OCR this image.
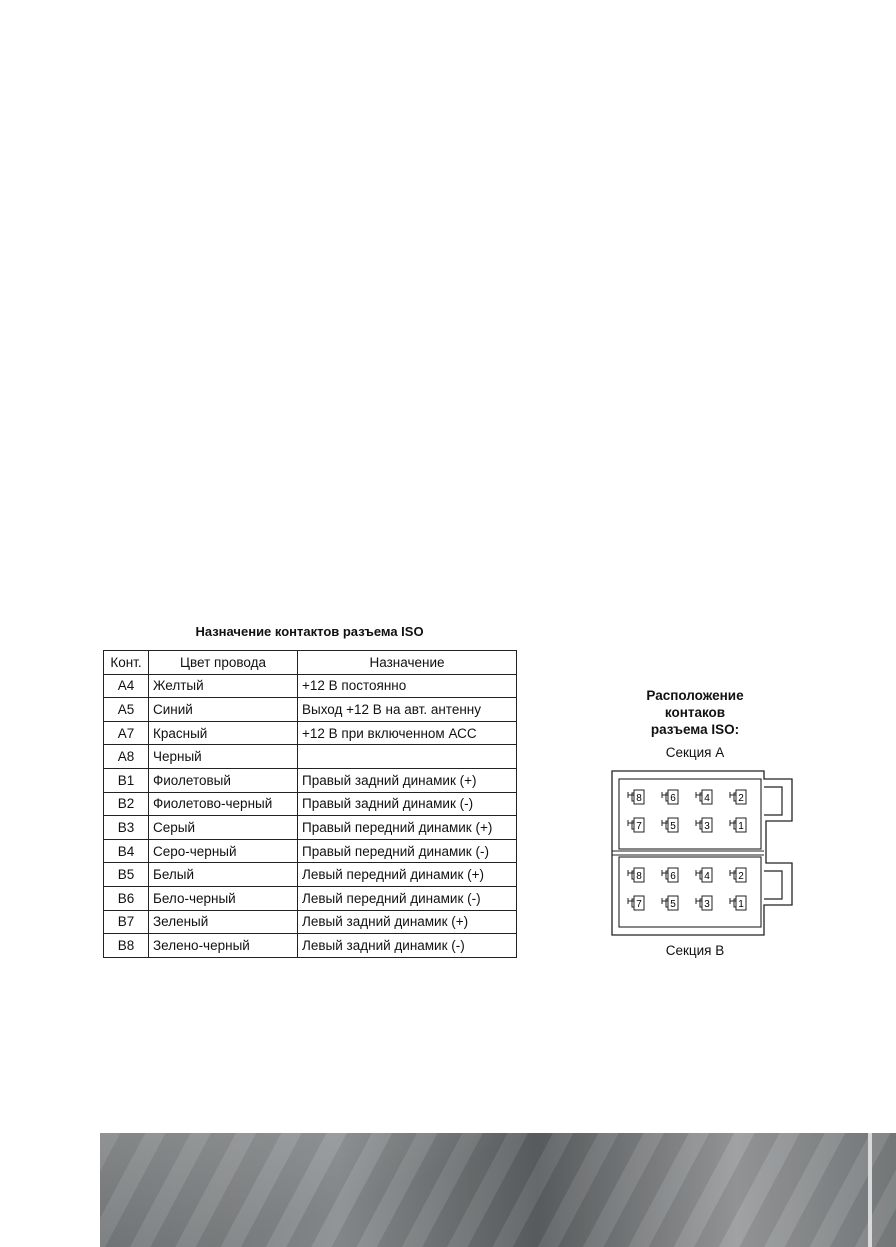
Назначение контактов разъема ISO
Конт.	Цвет провода	Назначение
A4	Желтый	+12 В постоянно
A5	Синий	Выход +12 В на авт. антенну
A7	Красный	+12 В при включенном АСС
A8	Черный	
B1	Фиолетовый	Правый задний динамик (+)
B2	Фиолетово-черный	Правый задний динамик (-)
B3	Серый	Правый передний динамик (+)
B4	Серо-черный	Правый передний динамик (-)
B5	Белый	Левый передний динамик (+)
B6	Бело-черный	Левый передний динамик (-)
B7	Зеленый	Левый задний динамик (+)
B8	Зелено-черный	Левый задний динамик (-)
Расположение
контаков
разъема ISO:
Секция А
8	6	4	2
7	5	3	1
8	6	4	2
7	5	3	1
Секция В
